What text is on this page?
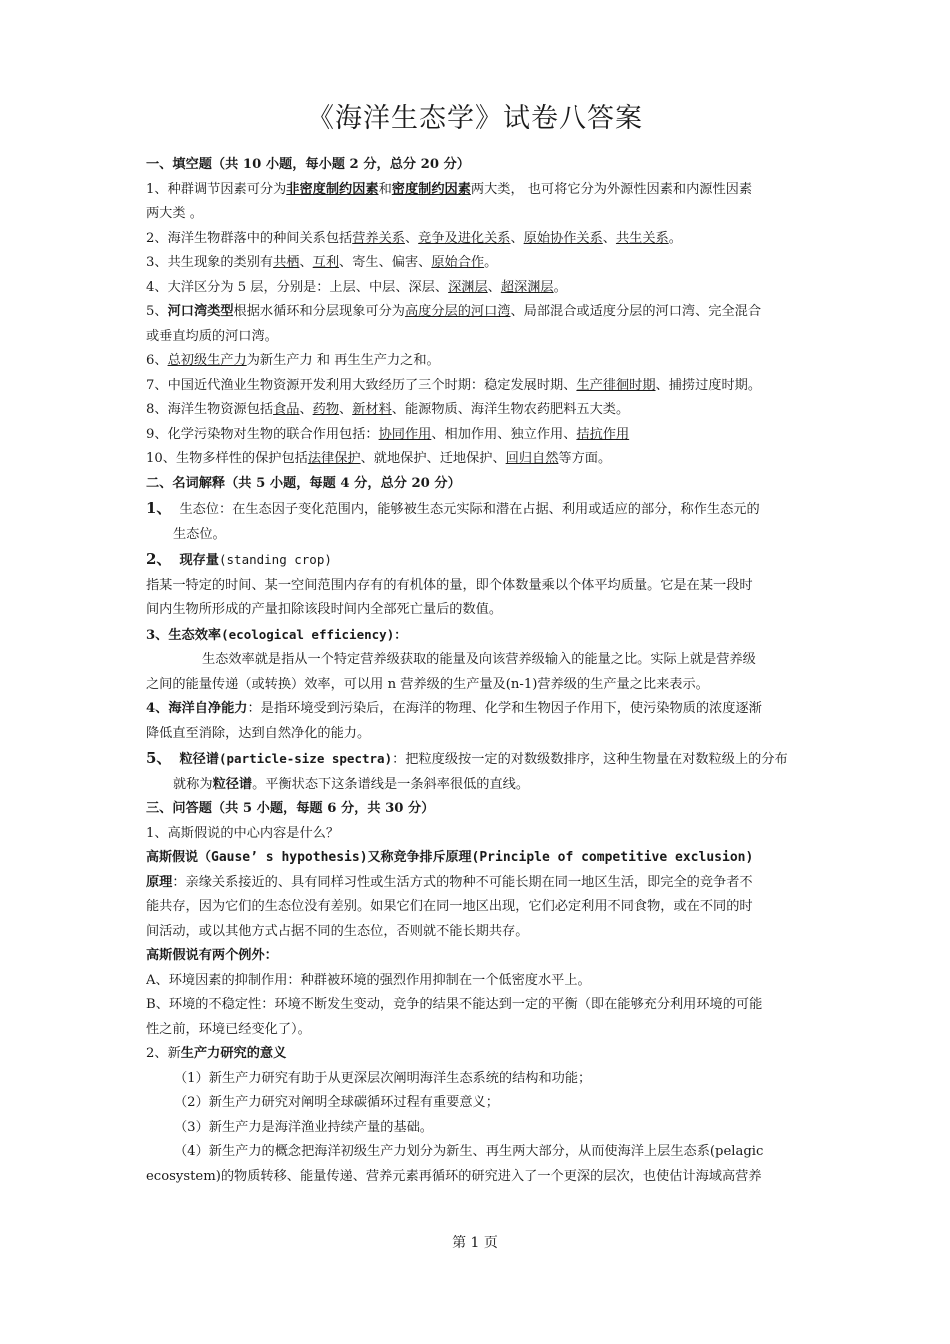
《海洋生态学》试卷八答案
一、填空题（共 10 小题，每小题 2 分，总分 20 分）
1、种群调节因素可分为非密度制约因素和密度制约因素两大类， 也可将它分为外源性因素和内源性因素
两大类 。
2、海洋生物群落中的种间关系包括营养关系、竞争及进化关系、原始协作关系、共生关系。
3、共生现象的类别有共栖、互利、寄生、偏害、原始合作。
4、大洋区分为 5 层，分别是：上层、中层、深层、深渊层、超深渊层。
5、河口湾类型根据水循环和分层现象可分为高度分层的河口湾、局部混合或适度分层的河口湾、完全混合
或垂直均质的河口湾。
6、总初级生产力为新生产力 和 再生生产力之和。
7、中国近代渔业生物资源开发利用大致经历了三个时期：稳定发展时期、生产徘徊时期、捕捞过度时期。
8、海洋生物资源包括食品、药物、新材料、能源物质、海洋生物农药肥料五大类。
9、化学污染物对生物的联合作用包括：协同作用、相加作用、独立作用、拮抗作用
10、生物多样性的保护包括法律保护、就地保护、迁地保护、回归自然等方面。
二、名词解释（共 5 小题，每题 4 分，总分 20 分）
1、 生态位：在生态因子变化范围内，能够被生态元实际和潜在占据、利用或适应的部分，称作生态元的
生态位。
2、 现存量(standing crop)
指某一特定的时间、某一空间范围内存有的有机体的量，即个体数量乘以个体平均质量。它是在某一段时
间内生物所形成的产量扣除该段时间内全部死亡量后的数值。
3、生态效率(ecological efficiency)：
生态效率就是指从一个特定营养级获取的能量及向该营养级输入的能量之比。实际上就是营养级
之间的能量传递（或转换）效率，可以用 n 营养级的生产量及(n-1)营养级的生产量之比来表示。
4、海洋自净能力：是指环境受到污染后，在海洋的物理、化学和生物因子作用下，使污染物质的浓度逐渐
降低直至消除，达到自然净化的能力。
5、 粒径谱(particle-size spectra)：把粒度级按一定的对数级数排序，这种生物量在对数粒级上的分布
就称为粒径谱。平衡状态下这条谱线是一条斜率很低的直线。
三、问答题（共 5 小题，每题 6 分，共 30 分）
1、高斯假说的中心内容是什么？
高斯假说（Gause’ s hypothesis)又称竞争排斥原理(Principle of competitive exclusion)
原理：亲缘关系接近的、具有同样习性或生活方式的物种不可能长期在同一地区生活，即完全的竞争者不
能共存，因为它们的生态位没有差别。如果它们在同一地区出现，它们必定利用不同食物，或在不同的时
间活动，或以其他方式占据不同的生态位，否则就不能长期共存。
高斯假说有两个例外：
A、环境因素的抑制作用：种群被环境的强烈作用抑制在一个低密度水平上。
B、环境的不稳定性：环境不断发生变动，竞争的结果不能达到一定的平衡（即在能够充分利用环境的可能
性之前，环境已经变化了）。
2、新生产力研究的意义
（1）新生产力研究有助于从更深层次阐明海洋生态系统的结构和功能；
（2）新生产力研究对阐明全球碳循环过程有重要意义；
（3）新生产力是海洋渔业持续产量的基础。
（4）新生产力的概念把海洋初级生产力划分为新生、再生两大部分，从而使海洋上层生态系(pelagic
ecosystem)的物质转移、能量传递、营养元素再循环的研究进入了一个更深的层次，也使估计海域高营养
第 1 页
